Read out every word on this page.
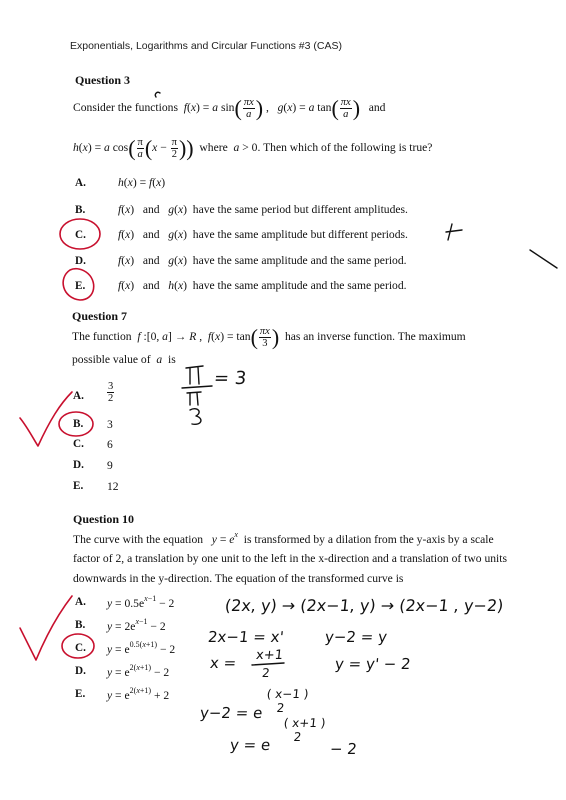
Exponentials, Logarithms and Circular Functions #3 (CAS)
Question 3
Consider the functions f(x) = a $\sin( \frac{\pi x}{a}$ ) ,   g(x) = a $\tan( \frac{\pi x}{a}$ ) and
h(x) = a $\cos( \frac{\pi}{a} (x - \frac{\pi}{2}$ )) where a > 0. Then which of the following is true?
A.	h(x) = f(x)
B.	f(x)   and   g(x)  have the same period but different amplitudes.
C.	f(x)   and   g(x)  have the same amplitude but different periods.
D.	f(x)   and   g(x)  have the same amplitude and the same period.
E.	f(x)   and   h(x)  have the same amplitude and the same period.
Question 7
The function f :[0, a] → R ,  $f(x) = \tan( \frac{\pi x}{3}$ ) has an inverse function. The maximum
possible value of a is
A. $\frac{3}{2}$
B. 3
C. 6
D. 9
E. 12
Question 10
The curve with the equation $y = e^x$ is transformed by a dilation from the y-axis by a scale
factor of 2, a translation by one unit to the left in the x-direction and a translation of two units
downwards in the y-direction. The equation of the transformed curve is
A. $y = 0.5e^{x-1} - 2$
B. $y = 2e^{x-1} - 2$
C. $y = e^{0.5(x+1)} - 2$
D. $y = e^{2(x+1)} - 2$
E. $y = e^{2(x+1)} + 2$
= 3
(2x, y) → (2x−1, y) → (2x−1 , y−2)
2x−1 = x'	y−2 = y
x = x+1
2	y = y' − 2
y−2 = e
( x−1 )
2
y = e
( x+1 )
2
− 2
